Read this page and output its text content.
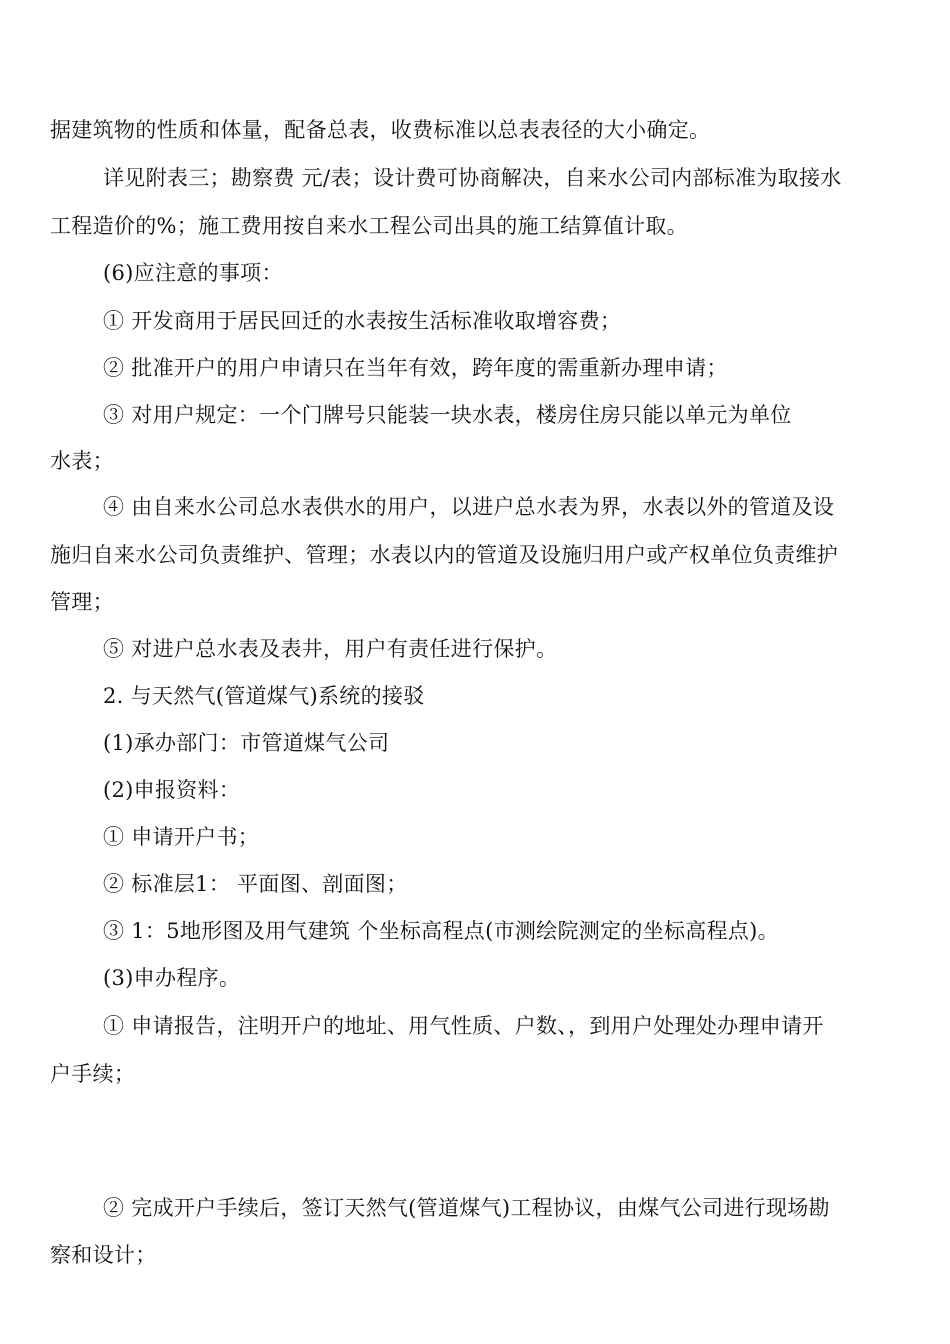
据建筑物的性质和体量，配备总表，收费标准以总表表径的大小确定。
详见附表三；勘察费 元/表；设计费可协商解决，自来水公司内部标准为取接水
工程造价的%；施工费用按自来水工程公司出具的施工结算值计取。
(6)应注意的事项：
① 开发商用于居民回迁的水表按生活标准收取增容费；
② 批准开户的用户申请只在当年有效，跨年度的需重新办理申请；
③ 对用户规定：一个门牌号只能装一块水表，楼房住房只能以单元为单位
水表；
④ 由自来水公司总水表供水的用户，以进户总水表为界，水表以外的管道及设
施归自来水公司负责维护、管理；水表以内的管道及设施归用户或产权单位负责维护
管理；
⑤ 对进户总水表及表井，用户有责任进行保护。
2. 与天然气(管道煤气)系统的接驳
(1)承办部门：市管道煤气公司
(2)申报资料：
① 申请开户书；
② 标准层1： 平面图、剖面图；
③ 1：5地形图及用气建筑 个坐标高程点(市测绘院测定的坐标高程点)。
(3)申办程序。
① 申请报告，注明开户的地址、用气性质、户数、，到用户处理处办理申请开
户手续；
② 完成开户手续后，签订天然气(管道煤气)工程协议，由煤气公司进行现场勘
察和设计；
